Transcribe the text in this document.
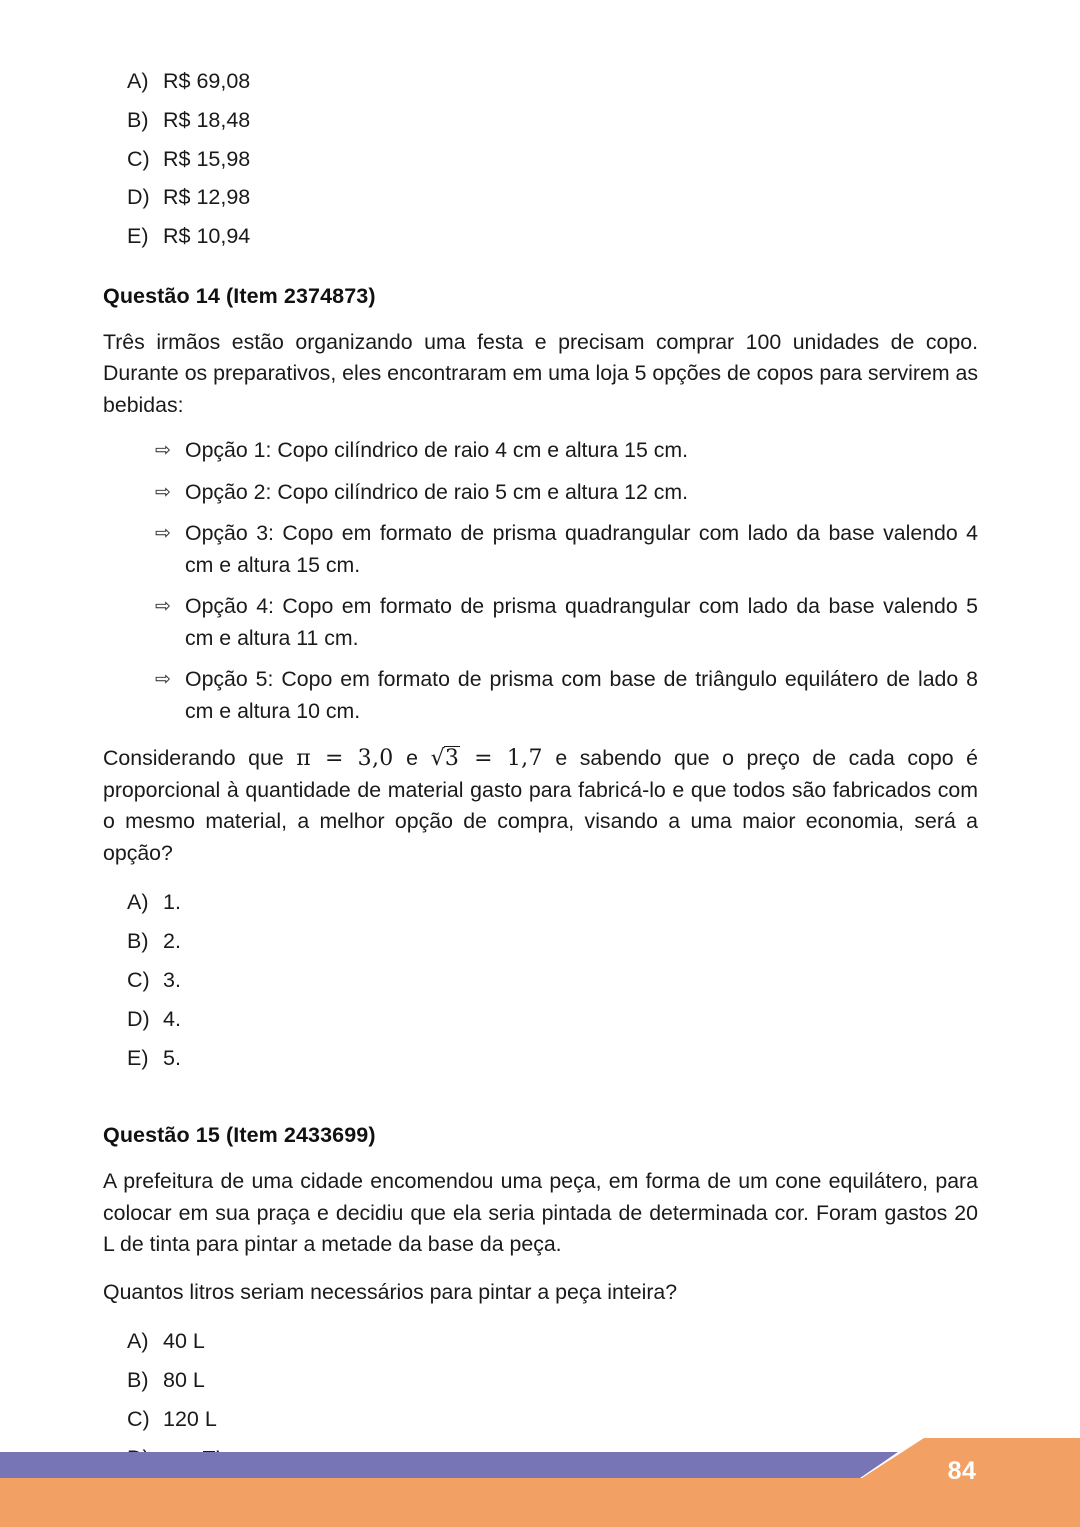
A) R$ 69,08
B) R$ 18,48
C) R$ 15,98
D) R$ 12,98
E) R$ 10,94
Questão 14 (Item 2374873)

Três irmãos estão organizando uma festa e precisam comprar 100 unidades de copo. Durante os preparativos, eles encontraram em uma loja 5 opções de copos para servirem as bebidas:

⇨ Opção 1: Copo cilíndrico de raio 4 cm e altura 15 cm.
⇨ Opção 2: Copo cilíndrico de raio 5 cm e altura 12 cm.
⇨ Opção 3: Copo em formato de prisma quadrangular com lado da base valendo 4 cm e altura 15 cm.
⇨ Opção 4: Copo em formato de prisma quadrangular com lado da base valendo 5 cm e altura 11 cm.
⇨ Opção 5: Copo em formato de prisma com base de triângulo equilátero de lado 8 cm e altura 10 cm.

Considerando que π = 3,0 e √3 = 1,7 e sabendo que o preço de cada copo é proporcional à quantidade de material gasto para fabricá-lo e que todos são fabricados com o mesmo material, a melhor opção de compra, visando a uma maior economia, será a opção?

A) 1.
B) 2.
C) 3.
D) 4.
E) 5.
Questão 15 (Item 2433699)

A prefeitura de uma cidade encomendou uma peça, em forma de um cone equilátero, para colocar em sua praça e decidiu que ela seria pintada de determinada cor. Foram gastos 20 L de tinta para pintar a metade da base da peça.

Quantos litros seriam necessários para pintar a peça inteira?

A) 40 L
B) 80 L
C) 120 L
84
